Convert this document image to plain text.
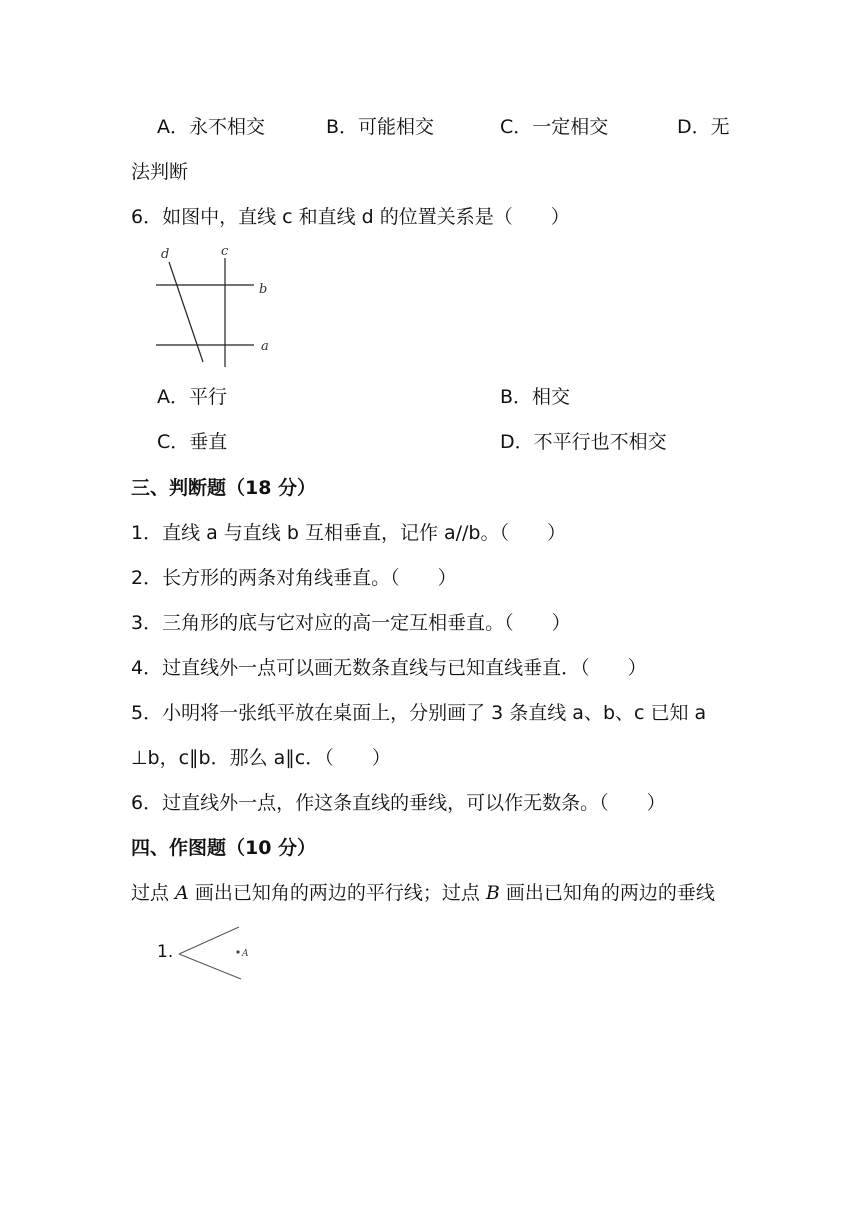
A．永不相交	B．可能相交	C．一定相交	D．无
法判断
6．如图中，直线 c 和直线 d 的位置关系是（　　）
d	c
b
a
A．平行	B．相交
C．垂直	D．不平行也不相交
三、判断题（18 分）
1．直线 a 与直线 b 互相垂直，记作 a//b。（　　）
2．长方形的两条对角线垂直。（　　）
3．三角形的底与它对应的高一定互相垂直。（　　）
4．过直线外一点可以画无数条直线与已知直线垂直．（　　）
5．小明将一张纸平放在桌面上，分别画了 3 条直线 a、b、c 已知 a
⊥b，c∥b．那么 a∥c．（　　）
6．过直线外一点，作这条直线的垂线，可以作无数条。（　　）
四、作图题（10 分）
过点 A 画出已知角的两边的平行线；过点 B 画出已知角的两边的垂线
1.	A
